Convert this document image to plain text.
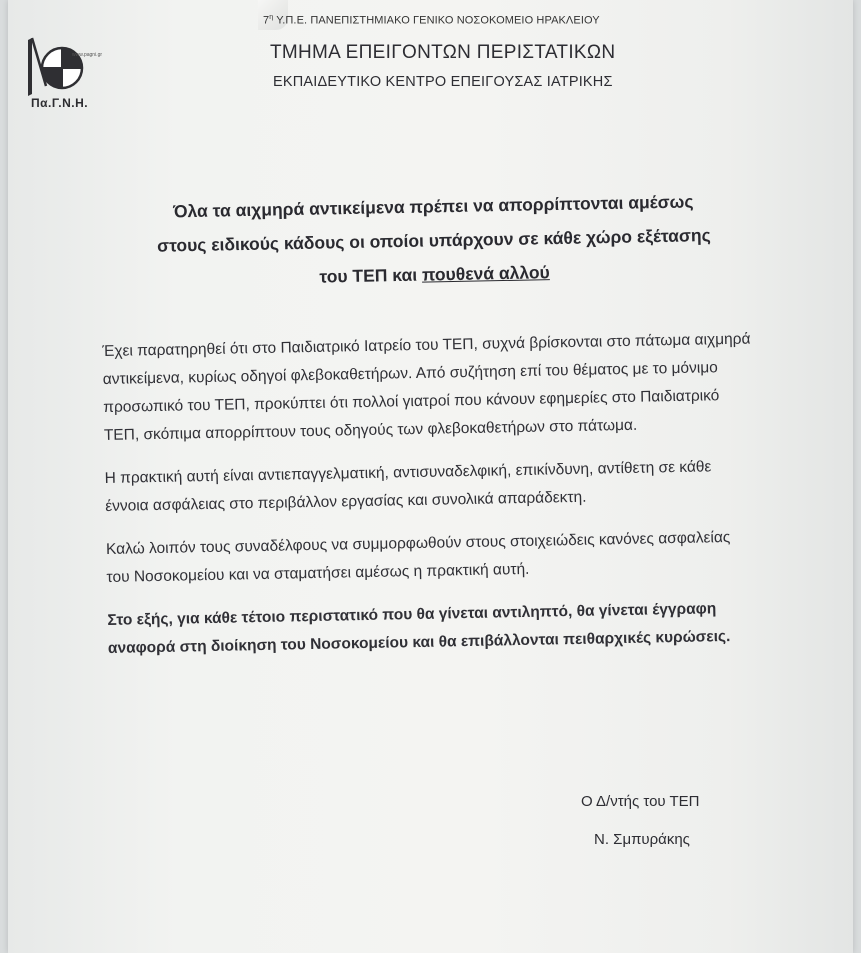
www.pagni.gr
Πα.Γ.Ν.Η.
$7^\eta$ Υ.Π.Ε. ΠΑΝΕΠΙΣΤΗΜΙΑΚΟ ΓΕΝΙΚΟ ΝΟΣΟΚΟΜΕΙΟ ΗΡΑΚΛΕΙΟΥ
ΤΜΗΜΑ ΕΠΕΙΓΟΝΤΩΝ ΠΕΡΙΣΤΑΤΙΚΩΝ
ΕΚΠΑΙΔΕΥΤΙΚΟ ΚΕΝΤΡΟ ΕΠΕΙΓΟΥΣΑΣ ΙΑΤΡΙΚΗΣ
Όλα τα αιχμηρά αντικείμενα πρέπει να απορρίπτονται αμέσως
στους ειδικούς κάδους οι οποίοι υπάρχουν σε κάθε χώρο εξέτασης
του ΤΕΠ και πουθενά αλλού

Έχει παρατηρηθεί ότι στο Παιδιατρικό Ιατρείο του ΤΕΠ, συχνά βρίσκονται στο πάτωμα αιχμηρά αντικείμενα, κυρίως οδηγοί φλεβοκαθετήρων. Από συζήτηση επί του θέματος με το μόνιμο προσωπικό του ΤΕΠ, προκύπτει ότι πολλοί γιατροί που κάνουν εφημερίες στο Παιδιατρικό ΤΕΠ, σκόπιμα απορρίπτουν τους οδηγούς των φλεβοκαθετήρων στο πάτωμα.

Η πρακτική αυτή είναι αντιεπαγγελματική, αντισυναδελφική, επικίνδυνη, αντίθετη σε κάθε έννοια ασφάλειας στο περιβάλλον εργασίας και συνολικά απαράδεκτη.

Καλώ λοιπόν τους συναδέλφους να συμμορφωθούν στους στοιχειώδεις κανόνες ασφαλείας του Νοσοκομείου και να σταματήσει αμέσως η πρακτική αυτή.

Στο εξής, για κάθε τέτοιο περιστατικό που θα γίνεται αντιληπτό, θα γίνεται έγγραφη αναφορά στη διοίκηση του Νοσοκομείου και θα επιβάλλονται πειθαρχικές κυρώσεις.

Ο Δ/ντής του ΤΕΠ
Ν. Σμπυράκης
